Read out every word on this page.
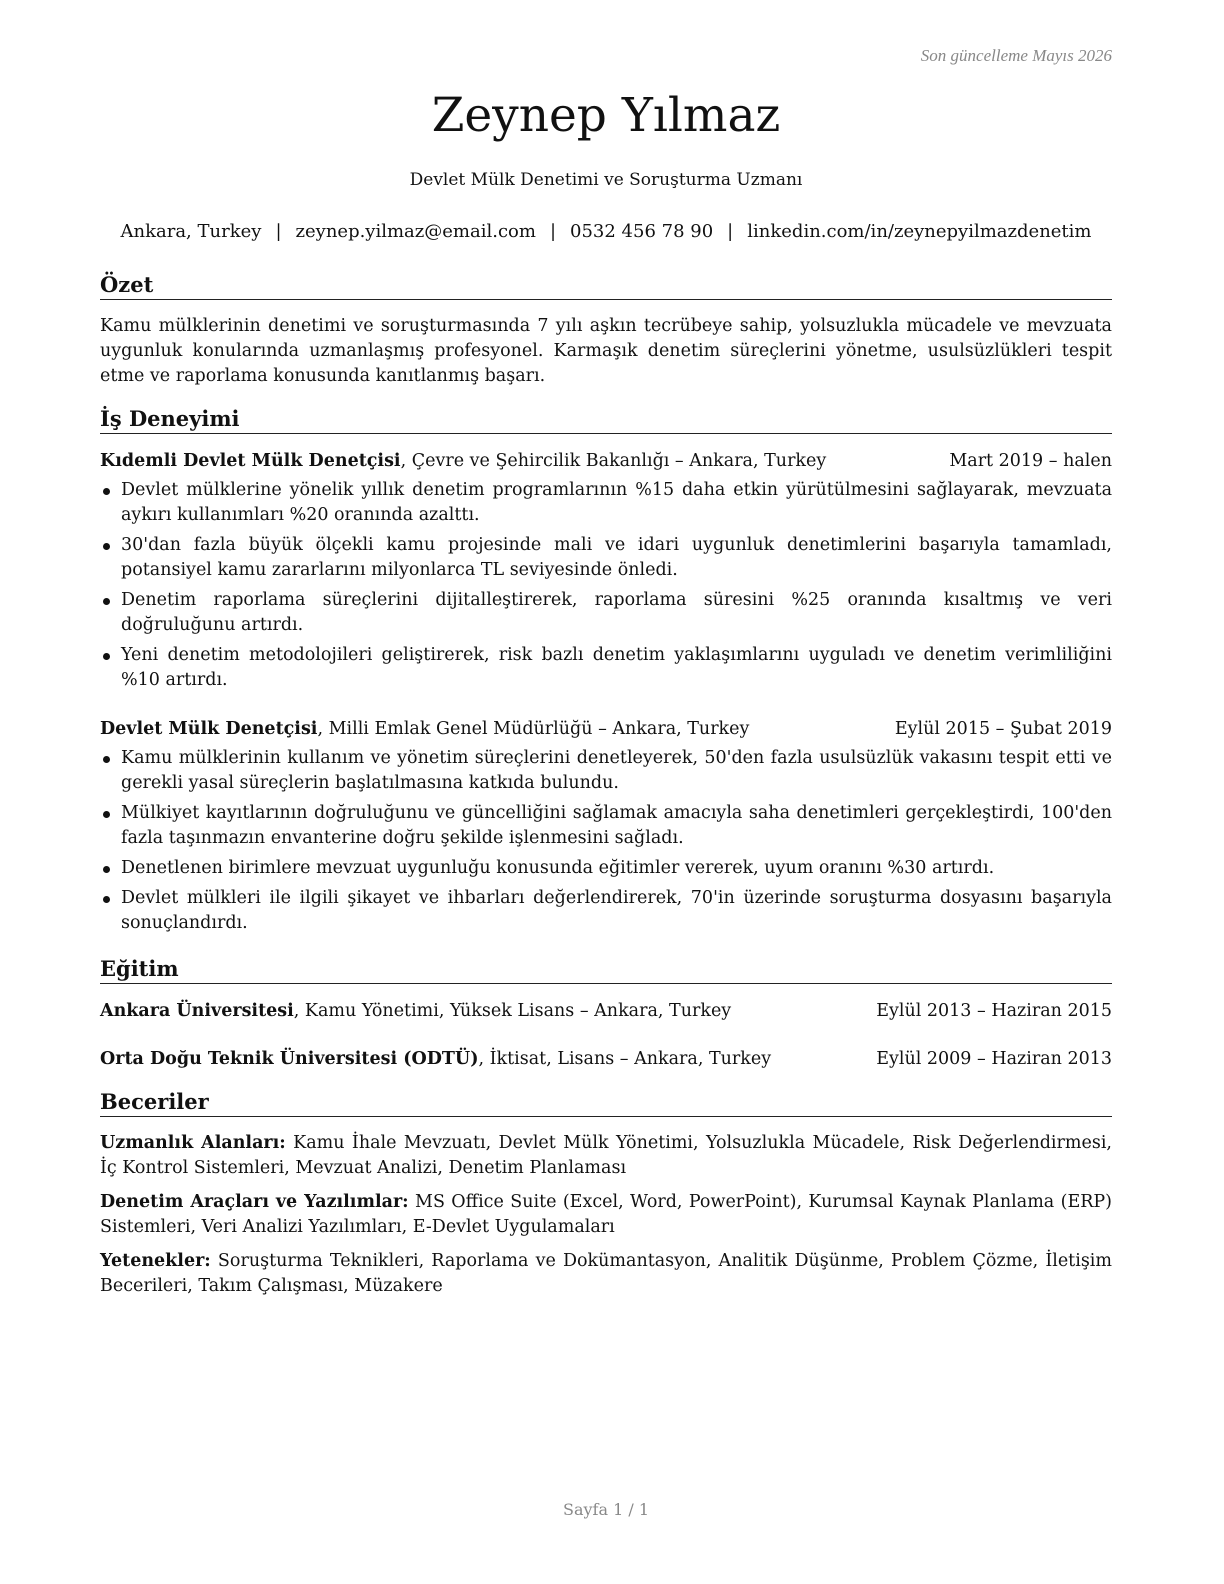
Son güncelleme Mayıs 2026
Zeynep Yılmaz
Devlet Mülk Denetimi ve Soruşturma Uzmanı
Ankara, Turkey | zeynep.yilmaz@email.com | 0532 456 78 90 | linkedin.com/in/zeynepyilmazdenetim
Özet
Kamu mülklerinin denetimi ve soruşturmasında 7 yılı aşkın tecrübeye sahip, yolsuzlukla mücadele ve mevzuata uygunluk konularında uzmanlaşmış profesyonel. Karmaşık denetim süreçlerini yönetme, usulsüzlükleri tespit etme ve raporlama konusunda kanıtlanmış başarı.
İş Deneyimi
Kıdemli Devlet Mülk Denetçisi, Çevre ve Şehircilik Bakanlığı – Ankara, Turkey	Mart 2019 – halen
Devlet mülklerine yönelik yıllık denetim programlarının %15 daha etkin yürütülmesini sağlayarak, mevzuata aykırı kullanımları %20 oranında azalttı.
30'dan fazla büyük ölçekli kamu projesinde mali ve idari uygunluk denetimlerini başarıyla tamamladı, potansiyel kamu zararlarını milyonlarca TL seviyesinde önledi.
Denetim raporlama süreçlerini dijitalleştirerek, raporlama süresini %25 oranında kısaltmış ve veri doğruluğunu artırdı.
Yeni denetim metodolojileri geliştirerek, risk bazlı denetim yaklaşımlarını uyguladı ve denetim verimliliğini %10 artırdı.
Devlet Mülk Denetçisi, Milli Emlak Genel Müdürlüğü – Ankara, Turkey	Eylül 2015 – Şubat 2019
Kamu mülklerinin kullanım ve yönetim süreçlerini denetleyerek, 50'den fazla usulsüzlük vakasını tespit etti ve gerekli yasal süreçlerin başlatılmasına katkıda bulundu.
Mülkiyet kayıtlarının doğruluğunu ve güncelliğini sağlamak amacıyla saha denetimleri gerçekleştirdi, 100'den fazla taşınmazın envanterine doğru şekilde işlenmesini sağladı.
Denetlenen birimlere mevzuat uygunluğu konusunda eğitimler vererek, uyum oranını %30 artırdı.
Devlet mülkleri ile ilgili şikayet ve ihbarları değerlendirerek, 70'in üzerinde soruşturma dosyasını başarıyla sonuçlandırdı.
Eğitim
Ankara Üniversitesi, Kamu Yönetimi, Yüksek Lisans – Ankara, Turkey	Eylül 2013 – Haziran 2015
Orta Doğu Teknik Üniversitesi (ODTÜ), İktisat, Lisans – Ankara, Turkey	Eylül 2009 – Haziran 2013
Beceriler
Uzmanlık Alanları: Kamu İhale Mevzuatı, Devlet Mülk Yönetimi, Yolsuzlukla Mücadele, Risk Değerlendirmesi, İç Kontrol Sistemleri, Mevzuat Analizi, Denetim Planlaması
Denetim Araçları ve Yazılımlar: MS Office Suite (Excel, Word, PowerPoint), Kurumsal Kaynak Planlama (ERP) Sistemleri, Veri Analizi Yazılımları, E-Devlet Uygulamaları
Yetenekler: Soruşturma Teknikleri, Raporlama ve Dokümantasyon, Analitik Düşünme, Problem Çözme, İletişim Becerileri, Takım Çalışması, Müzakere
Sayfa 1 / 1
